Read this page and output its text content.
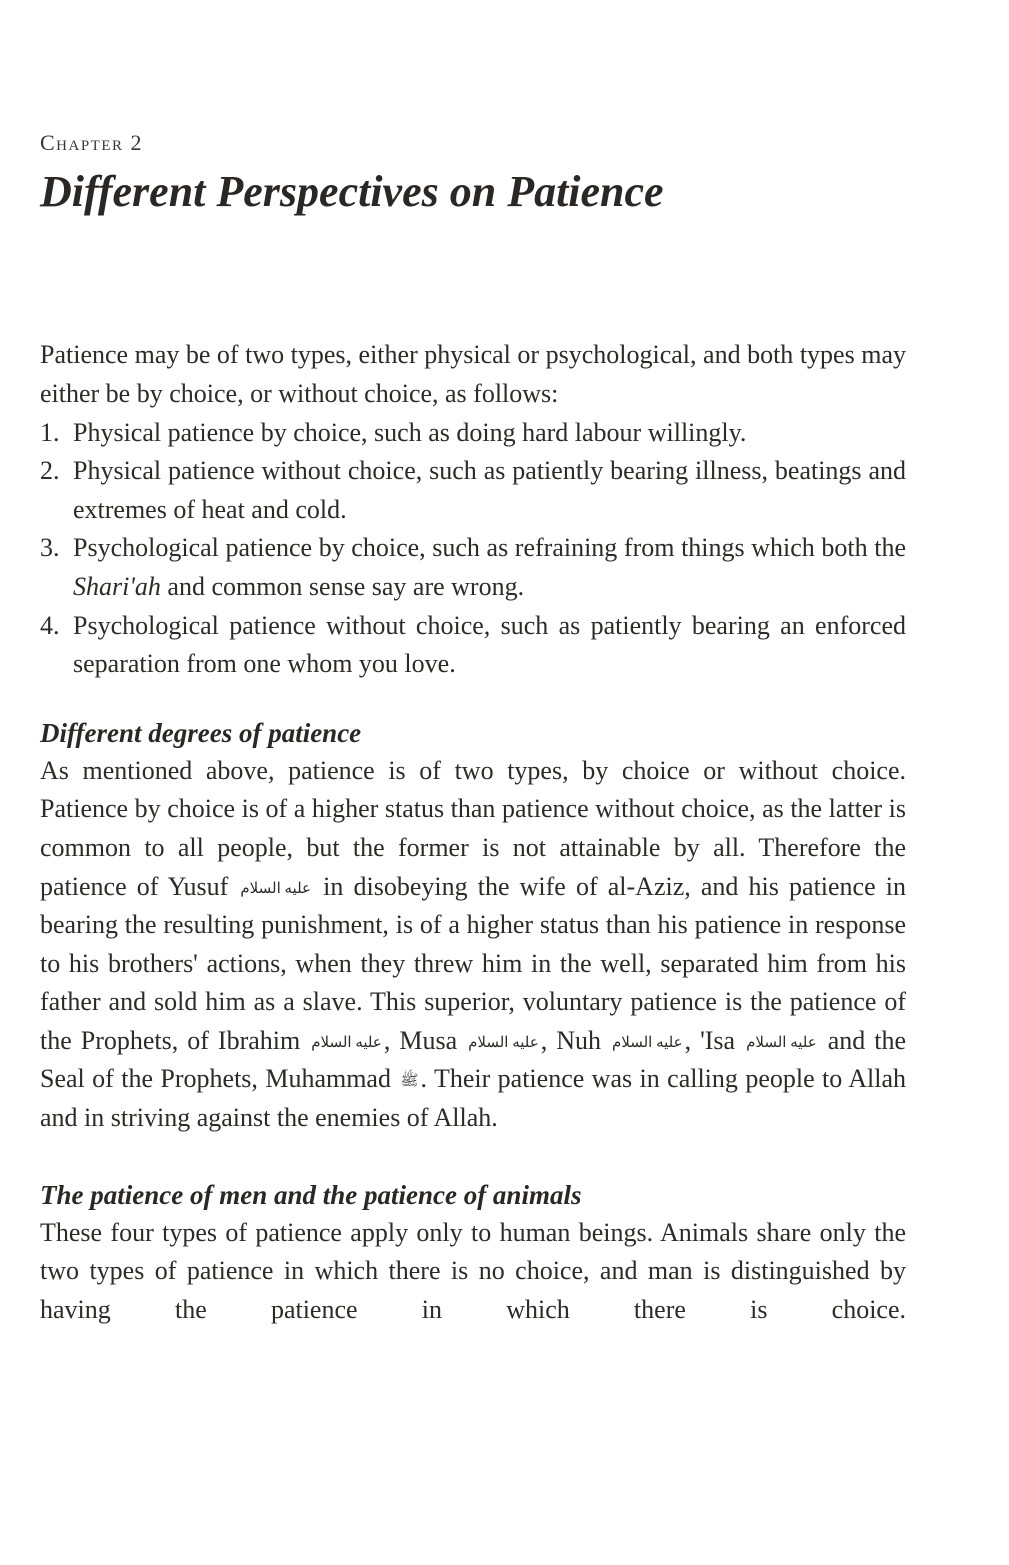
Chapter 2
Different Perspectives on Patience

Patience may be of two types, either physical or psychological, and both types may either be by choice, or without choice, as follows:

1. Physical patience by choice, such as doing hard labour willingly.
2. Physical patience without choice, such as patiently bearing illness, beatings and extremes of heat and cold.
3. Psychological patience by choice, such as refraining from things which both the Shari'ah and common sense say are wrong.
4. Psychological patience without choice, such as patiently bearing an enforced separation from one whom you love.
Different degrees of patience

As mentioned above, patience is of two types, by choice or without choice. Patience by choice is of a higher status than patience without choice, as the latter is common to all people, but the former is not attainable by all. Therefore the patience of Yusuf عليه السلام in disobeying the wife of al-Aziz, and his patience in bearing the resulting punishment, is of a higher status than his patience in response to his brothers' actions, when they threw him in the well, separated him from his father and sold him as a slave. This superior, voluntary patience is the patience of the Prophets, of Ibrahim عليه السلام, Musa عليه السلام, Nuh عليه السلام, 'Isa عليه السلام and the Seal of the Prophets, Muhammad ﷺ. Their patience was in calling people to Allah and in striving against the enemies of Allah.

The patience of men and the patience of animals

These four types of patience apply only to human beings. Animals share only the two types of patience in which there is no choice, and man is distinguished by having the patience in which there is choice.
